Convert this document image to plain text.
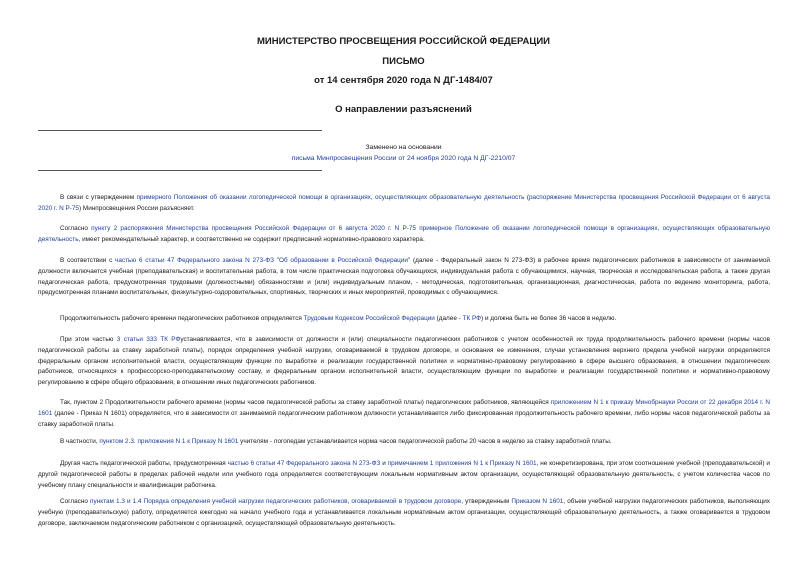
МИНИСТЕРСТВО ПРОСВЕЩЕНИЯ РОССИЙСКОЙ ФЕДЕРАЦИИ
ПИСЬМО
от 14 сентября 2020 года N ДГ-1484/07
О направлении разъяснений
Заменено на основании
письма Минпросвещения России от 24 ноября 2020 года N ДГ-2210/07

В связи с утверждением примерного Положения об оказании логопедической помощи в организациях, осуществляющих образовательную деятельность (распоряжение Министерства просвещения Российской Федерации от 6 августа 2020 г. N Р-75) Минпросвещения России разъясняет.

Согласно пункту 2 распоряжения Министерства просвещения Российской Федерации от 6 августа 2020 г. N Р-75 примерное Положение об оказании логопедической помощи в организациях, осуществляющих образовательную деятельность, имеет рекомендательный характер, и соответственно не содержит предписаний нормативно-правового характера.

В соответствии с частью 6 статьи 47 Федерального закона N 273-ФЗ "Об образовании в Российской Федерации" (далее - Федеральный закон N 273-ФЗ) в рабочее время педагогических работников в зависимости от занимаемой должности включается учебная (преподавательская) и воспитательная работа, в том числе практическая подготовка обучающихся, индивидуальная работа с обучающимися, научная, творческая и исследовательская работа, а также другая педагогическая работа, предусмотренная трудовыми (должностными) обязанностями и (или) индивидуальным планом, - методическая, подготовительная, организационная, диагностическая, работа по ведению мониторинга, работа, предусмотренная планами воспитательных, физкультурно-оздоровительных, спортивных, творческих и иных мероприятий, проводимых с обучающимися.

Продолжительность рабочего времени педагогических работников определяется Трудовым Кодексом Российской Федерации (далее - ТК РФ) и должна быть не более 36 часов в неделю.

При этом частью 3 статьи 333 ТК РФустанавливается, что в зависимости от должности и (или) специальности педагогических работников с учетом особенностей их труда продолжительность рабочего времени (нормы часов педагогической работы за ставку заработной платы), порядок определения учебной нагрузки, оговариваемой в трудовом договоре, и основания ее изменения, случаи установления верхнего предела учебной нагрузки определяются федеральным органом исполнительной власти, осуществляющим функции по выработке и реализации государственной политики и нормативно-правовому регулированию в сфере высшего образования, в отношении педагогических работников, относящихся к профессорско-преподавательскому составу, и федеральным органом исполнительной власти, осуществляющим функции по выработке и реализации государственной политики и нормативно-правовому регулированию в сфере общего образования, в отношении иных педагогических работников.

Так, пунктом 2 Продолжительности рабочего времени (нормы часов педагогической работы за ставку заработной платы) педагогических работников, являющейся приложением N 1 к приказу Минобрнауки России от 22 декабря 2014 г. N 1601 (далее - Приказ N 1601) определяется, что в зависимости от занимаемой педагогическим работником должности устанавливается либо фиксированная продолжительность рабочего времени, либо нормы часов педагогической работы за ставку заработной платы.

В частности, пунктом 2.3. приложения N 1 к Приказу N 1601 учителям - логопедам устанавливается норма часов педагогической работы 20 часов в неделю за ставку заработной платы.

Другая часть педагогической работы, предусмотренная частью 6 статьи 47 Федерального закона N 273-ФЗ и примечанием 1 приложения N 1 к Приказу N 1601, не конкретизирована, при этом соотношение учебной (преподавательской) и другой педагогической работы в пределах рабочей недели или учебного года определяется соответствующим локальным нормативным актом организации, осуществляющей образовательную деятельность, с учетом количества часов по учебному плану специальности и квалификации работника.

Согласно пунктам 1.3 и 1.4 Порядка определения учебной нагрузки педагогических работников, оговариваемой в трудовом договоре, утвержденным Приказом N 1601, объем учебной нагрузки педагогических работников, выполняющих учебную (преподавательскую) работу, определяется ежегодно на начало учебного года и устанавливается локальным нормативным актом организации, осуществляющей образовательную деятельность, а также оговаривается в трудовом договоре, заключаемом педагогическим работником с организацией, осуществляющей образовательную деятельность.
